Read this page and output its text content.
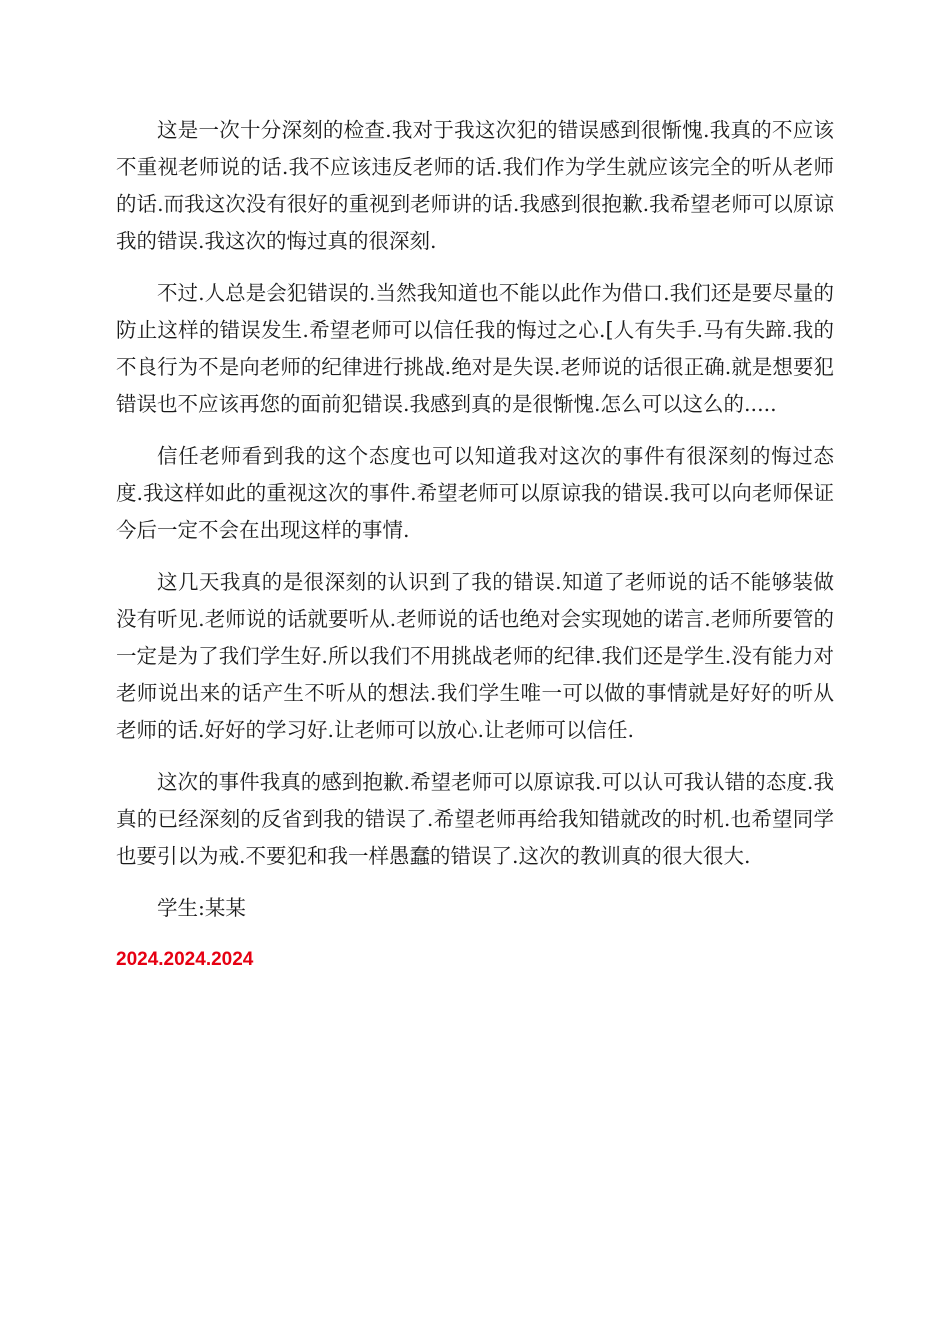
这是一次十分深刻的检查.我对于我这次犯的错误感到很惭愧.我真的不应该不重视老师说的话.我不应该违反老师的话.我们作为学生就应该完全的听从老师的话.而我这次没有很好的重视到老师讲的话.我感到很抱歉.我希望老师可以原谅我的错误.我这次的悔过真的很深刻.

不过.人总是会犯错误的.当然我知道也不能以此作为借口.我们还是要尽量的防止这样的错误发生.希望老师可以信任我的悔过之心.[人有失手.马有失蹄.我的不良行为不是向老师的纪律进行挑战.绝对是失误.老师说的话很正确.就是想要犯错误也不应该再您的面前犯错误.我感到真的是很惭愧.怎么可以这么的.....

信任老师看到我的这个态度也可以知道我对这次的事件有很深刻的悔过态度.我这样如此的重视这次的事件.希望老师可以原谅我的错误.我可以向老师保证今后一定不会在出现这样的事情.

这几天我真的是很深刻的认识到了我的错误.知道了老师说的话不能够装做没有听见.老师说的话就要听从.老师说的话也绝对会实现她的诺言.老师所要管的一定是为了我们学生好.所以我们不用挑战老师的纪律.我们还是学生.没有能力对老师说出来的话产生不听从的想法.我们学生唯一可以做的事情就是好好的听从老师的话.好好的学习好.让老师可以放心.让老师可以信任.

这次的事件我真的感到抱歉.希望老师可以原谅我.可以认可我认错的态度.我真的已经深刻的反省到我的错误了.希望老师再给我知错就改的时机.也希望同学也要引以为戒.不要犯和我一样愚蠢的错误了.这次的教训真的很大很大.

学生:某某

2024.2024.2024
